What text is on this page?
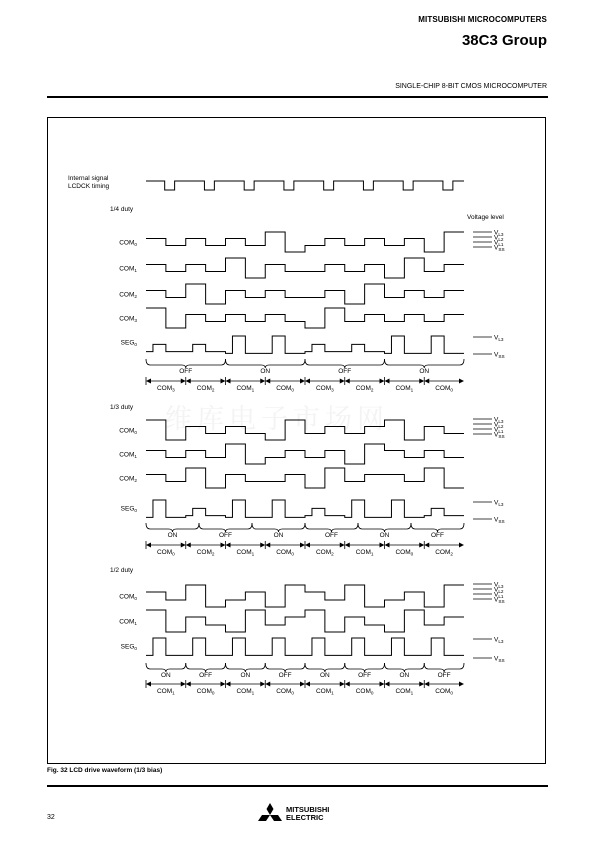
MITSUBISHI MICROCOMPUTERS
38C3 Group
SINGLE-CHIP 8-BIT CMOS MICROCOMPUTER
维库电子市场网
Internal signal
LCDCK timing
Voltage level
1/4 duty
$COM_0$
$COM_1$
$COM_2$
$COM_3$
$V_{L3}$
$V_{L2}$
$V_{L1}$
$V_{SS}$
$SEG_0$
$V_{L3}$
$V_{SS}$
OFF	ON	OFF	ON
$COM_3$	$COM_2$	$COM_1$	$COM_0$	$COM_3$	$COM_2$	$COM_1$	$COM_0$
1/3 duty
$COM_0$
$COM_1$
$COM_2$
$V_{L3}$
$V_{L2}$
$V_{L1}$
$V_{SS}$
$SEG_0$
$V_{L3}$
$V_{SS}$
ON	OFF	ON	OFF	ON	OFF
$COM_0$	$COM_2$	$COM_1$	$COM_0$	$COM_2$	$COM_1$	$COM_0$	$COM_2$
1/2 duty
$COM_0$
$COM_1$
$V_{L3}$
$V_{L2}$
$V_{L1}$
$V_{SS}$
$SEG_0$
$V_{L3}$
$V_{SS}$
ON	OFF	ON	OFF	ON	OFF	ON	OFF
$COM_1$	$COM_0$	$COM_1$	$COM_0$	$COM_1$	$COM_0$	$COM_1$	$COM_0$
Fig. 32 LCD drive waveform (1/3 bias)
32
MITSUBISHI
ELECTRIC
